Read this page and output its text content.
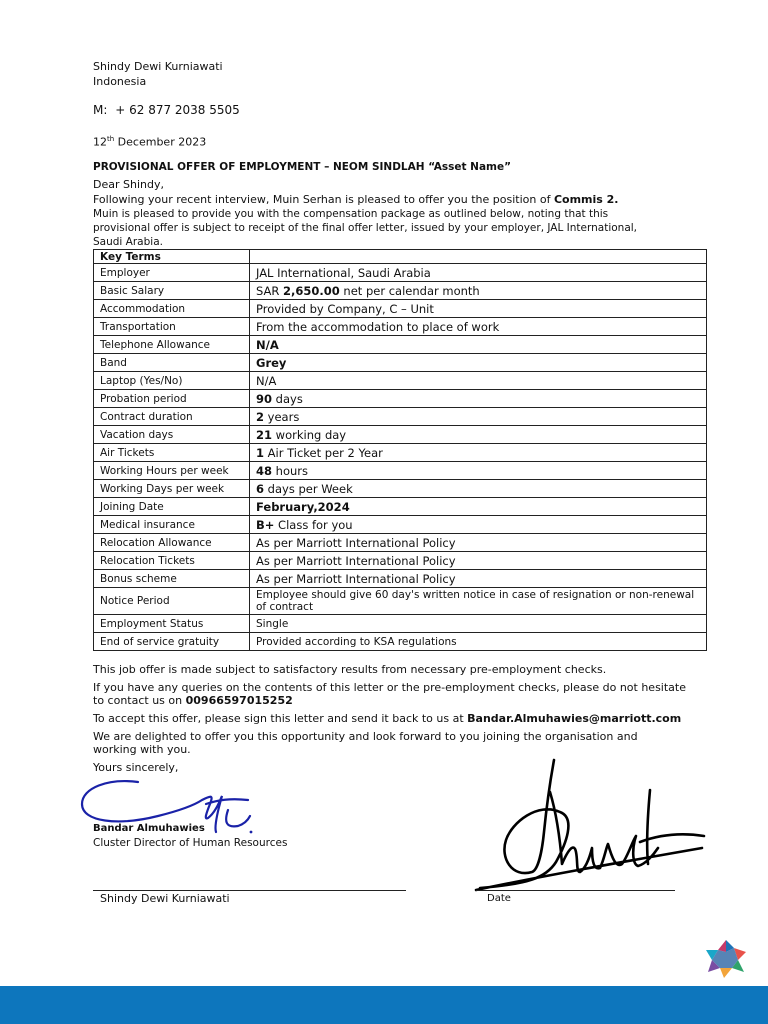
Shindy Dewi Kurniawati
Indonesia
M: + 62 877 2038 5505
12th December 2023
PROVISIONAL OFFER OF EMPLOYMENT – NEOM SINDLAH “Asset Name”
Dear Shindy,
Following your recent interview, Muin Serhan is pleased to offer you the position of Commis 2.
Muin is pleased to provide you with the compensation package as outlined below, noting that this
provisional offer is subject to receipt of the final offer letter, issued by your employer, JAL International,
Saudi Arabia.
Key Terms	
Employer	JAL International, Saudi Arabia
Basic Salary	SAR 2,650.00 net per calendar month
Accommodation	Provided by Company, C – Unit
Transportation	From the accommodation to place of work
Telephone Allowance	N/A
Band	Grey
Laptop (Yes/No)	N/A
Probation period	90 days
Contract duration	2 years
Vacation days	21 working day
Air Tickets	1 Air Ticket per 2 Year
Working Hours per week	48 hours
Working Days per week	6 days per Week
Joining Date	February,2024
Medical insurance	B+ Class for you
Relocation Allowance	As per Marriott International Policy
Relocation Tickets	As per Marriott International Policy
Bonus scheme	As per Marriott International Policy
Notice Period	Employee should give 60 day's written notice in case of resignation or non-renewal of contract
Employment Status	Single
End of service gratuity	Provided according to KSA regulations
This job offer is made subject to satisfactory results from necessary pre-employment checks.
If you have any queries on the contents of this letter or the pre-employment checks, please do not hesitate
to contact us on 00966597015252
To accept this offer, please sign this letter and send it back to us at Bandar.Almuhawies@marriott.com
We are delighted to offer you this opportunity and look forward to you joining the organisation and
working with you.
Yours sincerely,
Bandar Almuhawies
Cluster Director of Human Resources
Shindy Dewi Kurniawati	Date
